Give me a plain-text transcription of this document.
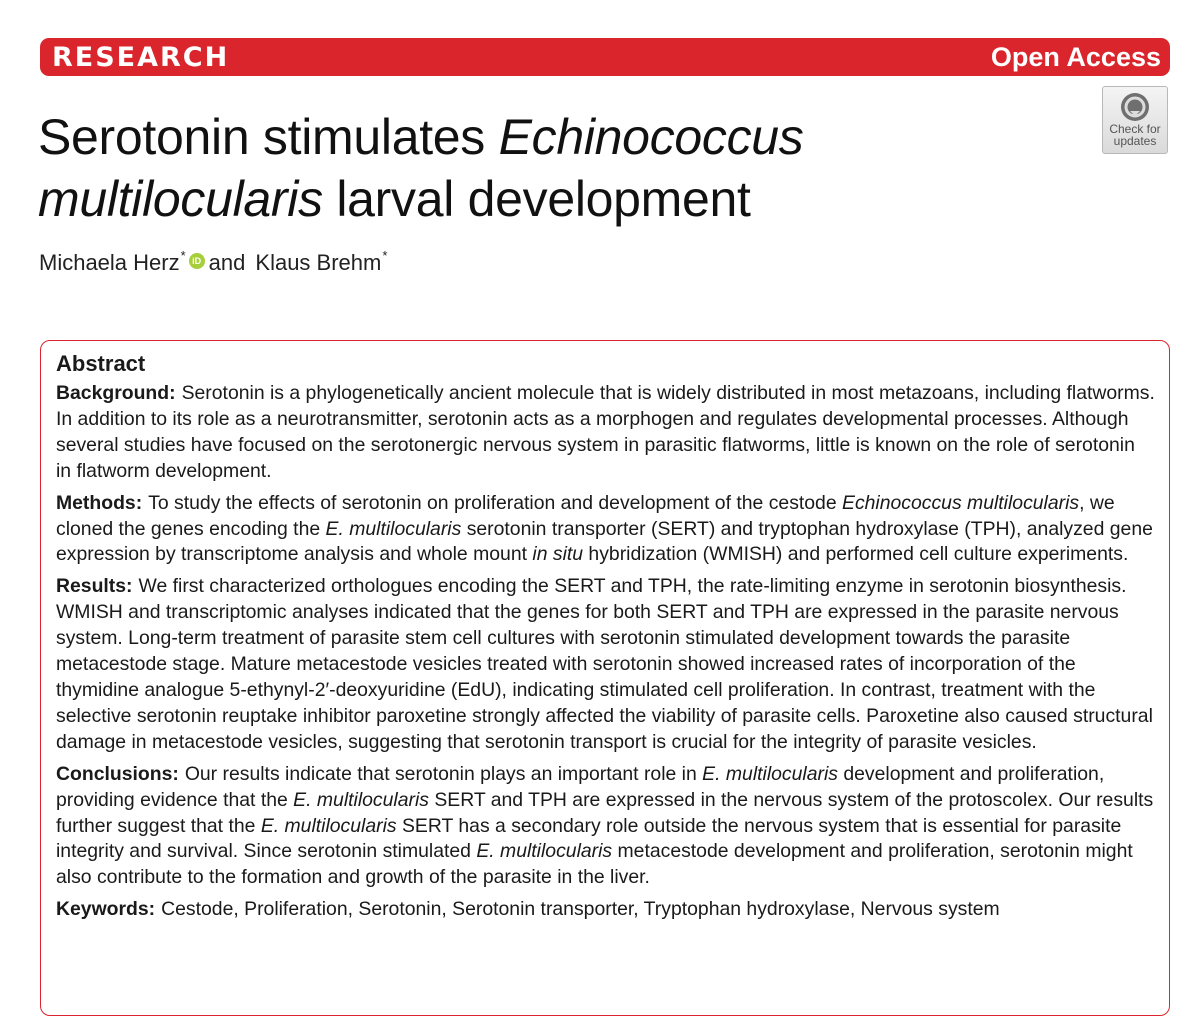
RESEARCH	Open Access
Check for
updates
Serotonin stimulates Echinococcus
multilocularis larval development
Michaela Herz* iD and Klaus Brehm*
Abstract

Background: Serotonin is a phylogenetically ancient molecule that is widely distributed in most metazoans, including flatworms. In addition to its role as a neurotransmitter, serotonin acts as a morphogen and regulates developmental processes. Although several studies have focused on the serotonergic nervous system in parasitic flatworms, little is known on the role of serotonin in flatworm development.

Methods: To study the effects of serotonin on proliferation and development of the cestode Echinococcus multilocularis, we cloned the genes encoding the E. multilocularis serotonin transporter (SERT) and tryptophan hydroxylase (TPH), analyzed gene expression by transcriptome analysis and whole mount in situ hybridization (WMISH) and performed cell culture experiments.

Results: We first characterized orthologues encoding the SERT and TPH, the rate-limiting enzyme in serotonin biosynthesis. WMISH and transcriptomic analyses indicated that the genes for both SERT and TPH are expressed in the parasite nervous system. Long-term treatment of parasite stem cell cultures with serotonin stimulated development towards the parasite metacestode stage. Mature metacestode vesicles treated with serotonin showed increased rates of incorporation of the thymidine analogue 5-ethynyl-2′-deoxyuridine (EdU), indicating stimulated cell proliferation. In contrast, treatment with the selective serotonin reuptake inhibitor paroxetine strongly affected the viability of parasite cells. Paroxetine also caused structural damage in metacestode vesicles, suggesting that serotonin transport is crucial for the integrity of parasite vesicles.

Conclusions: Our results indicate that serotonin plays an important role in E. multilocularis development and proliferation, providing evidence that the E. multilocularis SERT and TPH are expressed in the nervous system of the protoscolex. Our results further suggest that the E. multilocularis SERT has a secondary role outside the nervous system that is essential for parasite integrity and survival. Since serotonin stimulated E. multilocularis metacestode development and proliferation, serotonin might also contribute to the formation and growth of the parasite in the liver.

Keywords: Cestode, Proliferation, Serotonin, Serotonin transporter, Tryptophan hydroxylase, Nervous system
